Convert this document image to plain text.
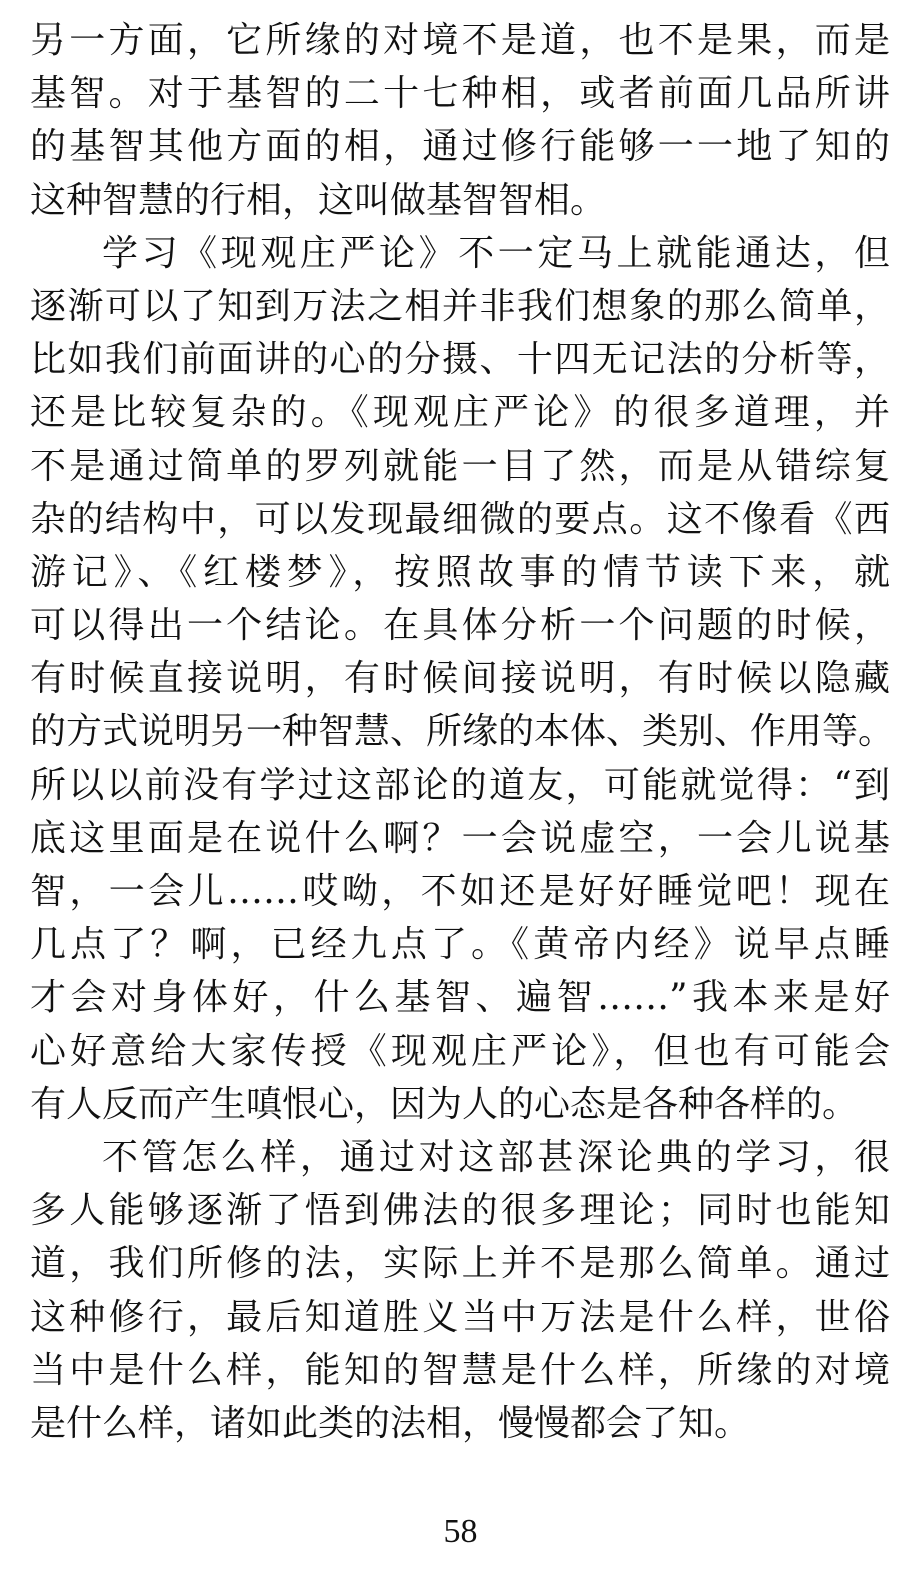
另一方面，它所缘的对境不是道，也不是果，而是
基智。对于基智的二十七种相，或者前面几品所讲
的基智其他方面的相，通过修行能够一一地了知的
这种智慧的行相，这叫做基智智相。
学习《现观庄严论》不一定马上就能通达，但
逐渐可以了知到万法之相并非我们想象的那么简单，
比如我们前面讲的心的分摄、十四无记法的分析等，
还是比较复杂的。《现观庄严论》的很多道理，并
不是通过简单的罗列就能一目了然，而是从错综复
杂的结构中，可以发现最细微的要点。这不像看《西
游记》、《红楼梦》，按照故事的情节读下来，就
可以得出一个结论。在具体分析一个问题的时候，
有时候直接说明，有时候间接说明，有时候以隐藏
的方式说明另一种智慧、所缘的本体、类别、作用等。
所以以前没有学过这部论的道友，可能就觉得：“到
底这里面是在说什么啊？一会说虚空，一会儿说基
智，一会儿……哎呦，不如还是好好睡觉吧！现在
几点了？啊，已经九点了。《黄帝内经》说早点睡
才会对身体好，什么基智、遍智……”我本来是好
心好意给大家传授《现观庄严论》，但也有可能会
有人反而产生嗔恨心，因为人的心态是各种各样的。
不管怎么样，通过对这部甚深论典的学习，很
多人能够逐渐了悟到佛法的很多理论；同时也能知
道，我们所修的法，实际上并不是那么简单。通过
这种修行，最后知道胜义当中万法是什么样，世俗
当中是什么样，能知的智慧是什么样，所缘的对境
是什么样，诸如此类的法相，慢慢都会了知。
58
